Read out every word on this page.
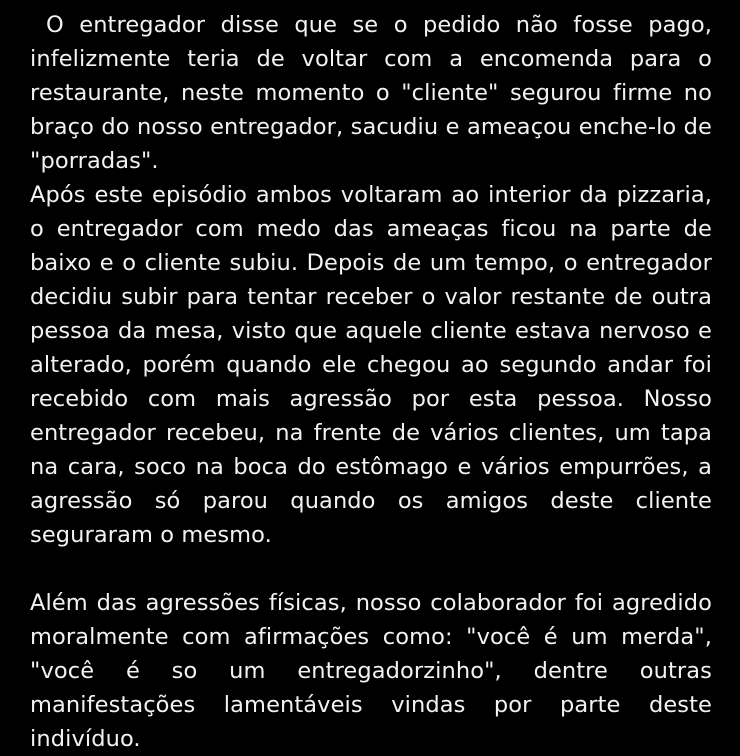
O entregador disse que se o pedido não fosse pago, infelizmente teria de voltar com a encomenda para o restaurante, neste momento o "cliente" segurou firme no braço do nosso entregador, sacudiu e ameaçou enche-lo de "porradas".

Após este episódio ambos voltaram ao interior da pizzaria, o entregador com medo das ameaças ficou na parte de baixo e o cliente subiu. Depois de um tempo, o entregador decidiu subir para tentar receber o valor restante de outra pessoa da mesa, visto que aquele cliente estava nervoso e alterado, porém quando ele chegou ao segundo andar foi recebido com mais agressão por esta pessoa. Nosso entregador recebeu, na frente de vários clientes, um tapa na cara, soco na boca do estômago e vários empurrões, a agressão só parou quando os amigos deste cliente seguraram o mesmo.

Além das agressões físicas, nosso colaborador foi agredido moralmente com afirmações como: "você é um merda", "você é so um entregadorzinho", dentre outras manifestações lamentáveis vindas por parte deste indivíduo.
